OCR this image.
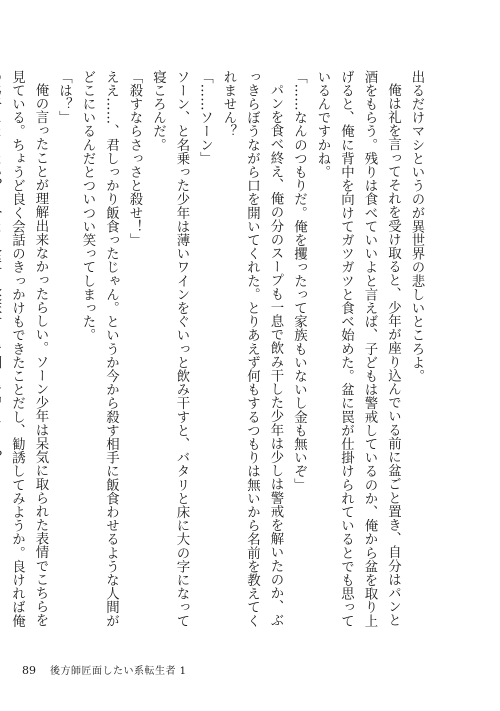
出るだけマシというのが異世界の悲しいところよ。

俺は礼を言ってそれを受け取ると、少年が座り込んでいる前に盆ごと置き、自分はパンと酒をもらう。残りは食べていいよと言えば、子どもは警戒しているのか、俺から盆を取り上げると、俺に背中を向けてガツガツと食べ始めた。盆に罠が仕掛けられているとでも思っているんですかね。

「……なんのつもりだ。俺を攫ったって家族もいないし金も無いぞ」

パンを食べ終え、俺の分のスープも一息で飲み干した少年は少しは警戒を解いたのか、ぶっきらぼうながら口を開いてくれた。とりあえず何もするつもりは無いから名前を教えてくれません？

「……ソーン」

ソーン、と名乗った少年は薄いワインをぐいっと飲み干すと、バタリと床に大の字になって寝ころんだ。

「殺すならさっさと殺せ！」

ええ……、君しっかり飯食ったじゃん。というか今から殺す相手に飯食わせるような人間がどこにいるんだとついつい笑ってしまった。

「は？」

俺の言ったことが理解出来なかったらしい。ソーン少年は呆気に取られた表情でこちらを見ている。ちょうど良く会話のきっかけもできたことだし、勧誘してみようか。良ければ俺　

89 後方師匠面したい系転生者 1
